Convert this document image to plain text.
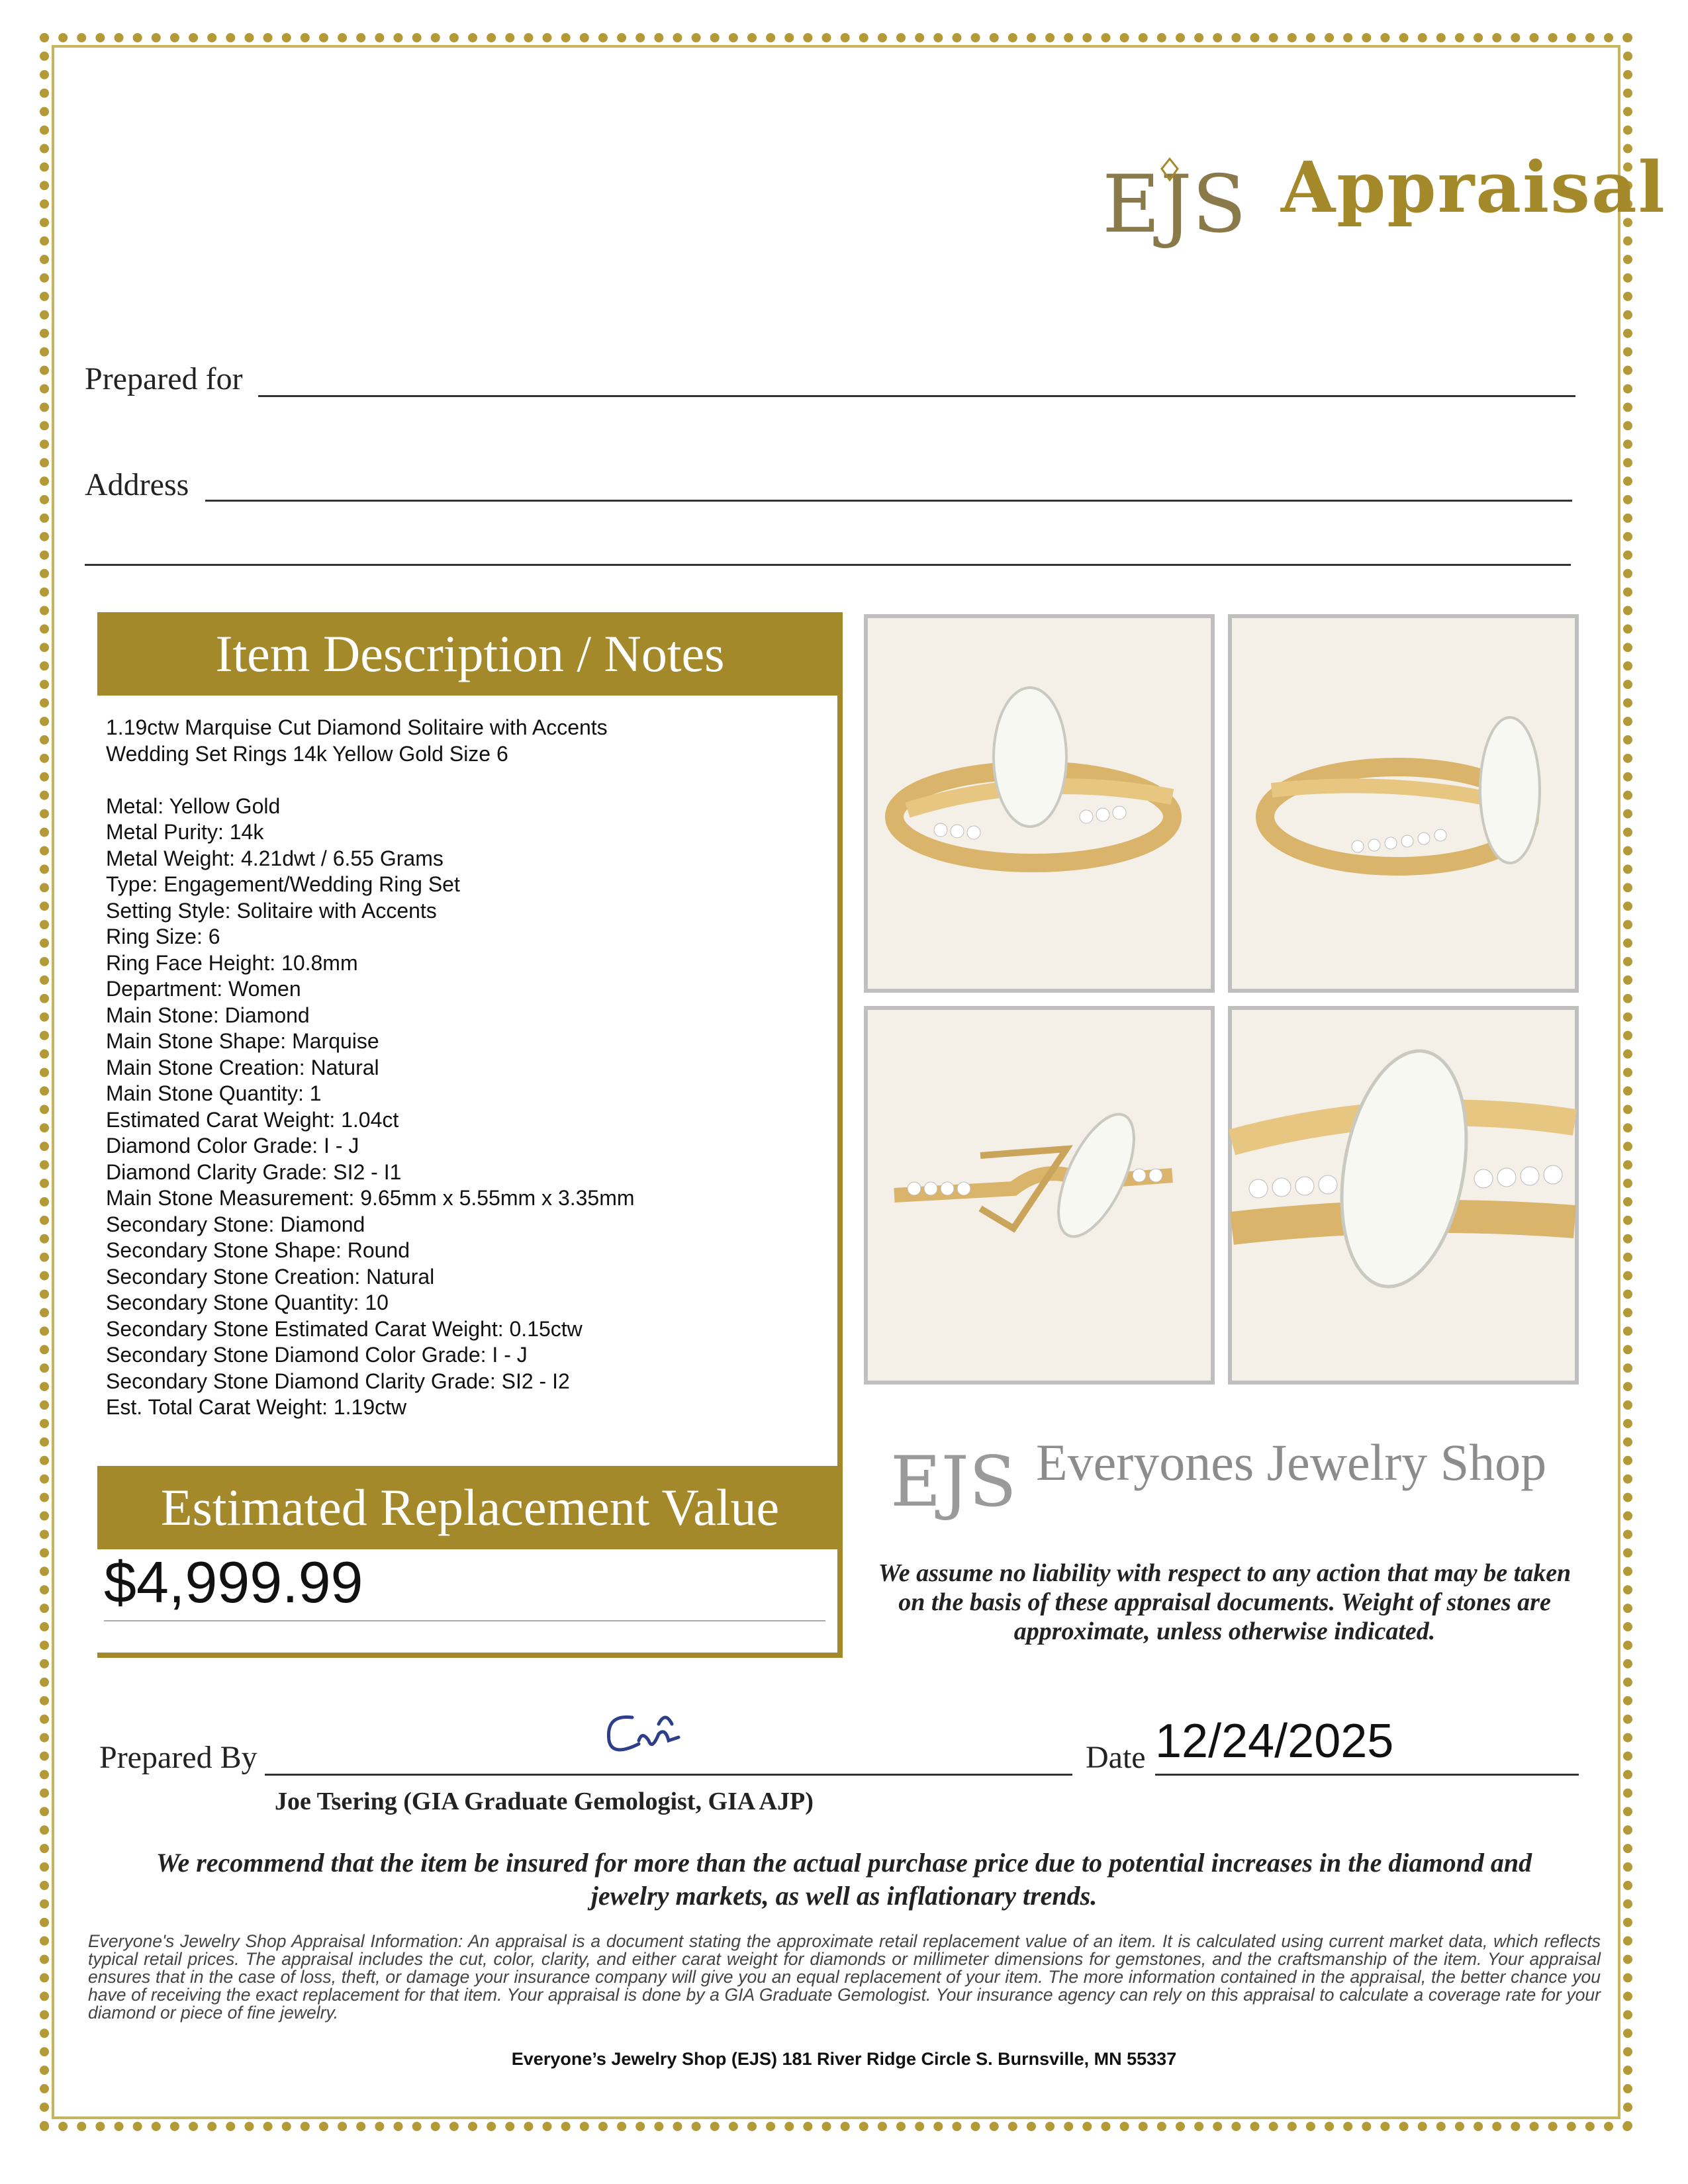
EJS Appraisal
Prepared for
Address
Item Description / Notes
1.19ctw Marquise Cut Diamond Solitaire with Accents
Wedding Set Rings 14k Yellow Gold Size 6
Metal: Yellow Gold
Metal Purity: 14k
Metal Weight: 4.21dwt / 6.55 Grams
Type: Engagement/Wedding Ring Set
Setting Style: Solitaire with Accents
Ring Size: 6
Ring Face Height: 10.8mm
Department: Women
Main Stone: Diamond
Main Stone Shape: Marquise
Main Stone Creation: Natural
Main Stone Quantity: 1
Estimated Carat Weight: 1.04ct
Diamond Color Grade: I - J
Diamond Clarity Grade: SI2 - I1
Main Stone Measurement: 9.65mm x 5.55mm x 3.35mm
Secondary Stone: Diamond
Secondary Stone Shape: Round
Secondary Stone Creation: Natural
Secondary Stone Quantity: 10
Secondary Stone Estimated Carat Weight: 0.15ctw
Secondary Stone Diamond Color Grade: I - J
Secondary Stone Diamond Clarity Grade: SI2 - I2
Est. Total Carat Weight: 1.19ctw
Estimated Replacement Value
$4,999.99
EJS Everyones Jewelry Shop
We assume no liability with respect to any action that may be taken on the basis of these appraisal documents. Weight of stones are approximate, unless otherwise indicated.
Prepared By	Date 12/24/2025
Joe Tsering (GIA Graduate Gemologist, GIA AJP)
We recommend that the item be insured for more than the actual purchase price due to potential increases in the diamond and jewelry markets, as well as inflationary trends.
Everyone's Jewelry Shop Appraisal Information: An appraisal is a document stating the approximate retail replacement value of an item. It is calculated using current market data, which reflects typical retail prices. The appraisal includes the cut, color, clarity, and either carat weight for diamonds or millimeter dimensions for gemstones, and the craftsmanship of the item. Your appraisal ensures that in the case of loss, theft, or damage your insurance company will give you an equal replacement of your item. The more information contained in the appraisal, the better chance you have of receiving the exact replacement for that item. Your appraisal is done by a GIA Graduate Gemologist. Your insurance agency can rely on this appraisal to calculate a coverage rate for your diamond or piece of fine jewelry.
Everyone’s Jewelry Shop (EJS) 181 River Ridge Circle S. Burnsville, MN 55337
